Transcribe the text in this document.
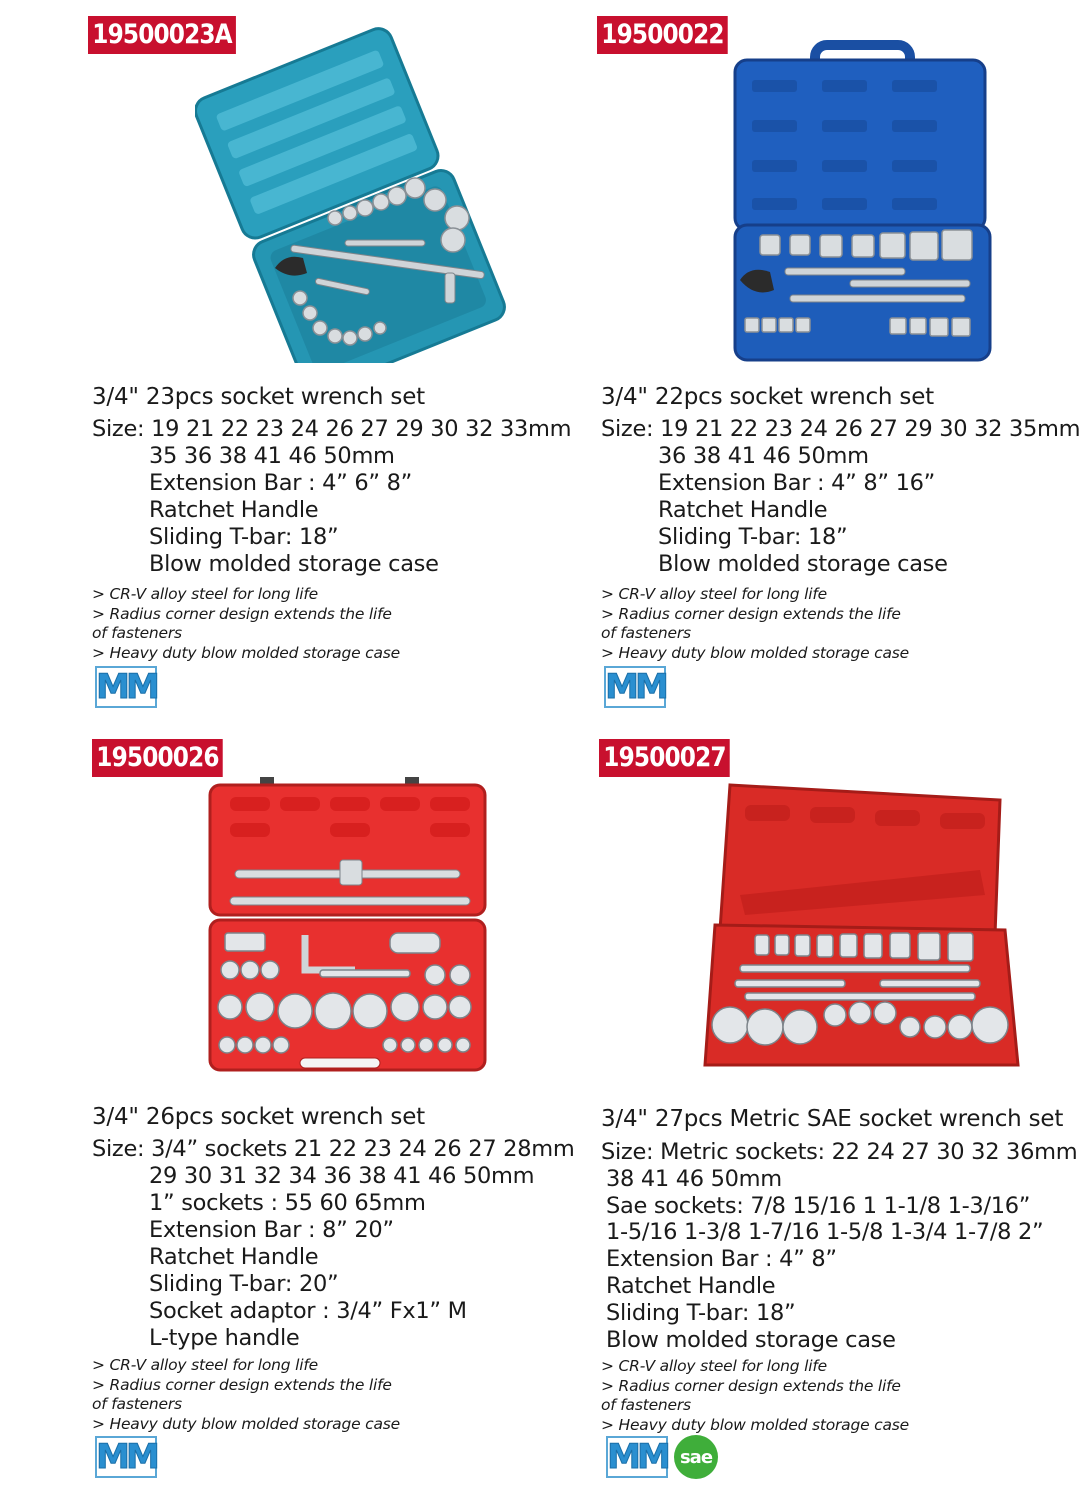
19500023A
3/4" 23pcs socket wrench set
Size: 19 21 22 23 24 26 27 29 30 32 33mm
35 36 38 41 46 50mm
Extension Bar : 4” 6” 8”
Ratchet Handle
Sliding T-bar: 18”
Blow molded storage case
> CR-V alloy steel for long life
> Radius corner design extends the life
of fasteners
> Heavy duty blow molded storage case
MM
19500022
3/4" 22pcs socket wrench set
Size: 19 21 22 23 24 26 27 29 30 32 35mm
36 38 41 46 50mm
Extension Bar : 4” 8” 16”
Ratchet Handle
Sliding T-bar: 18”
Blow molded storage case
> CR-V alloy steel for long life
> Radius corner design extends the life
of fasteners
> Heavy duty blow molded storage case
MM
19500026
3/4" 26pcs socket wrench set
Size: 3/4” sockets 21 22 23 24 26 27 28mm
29 30 31 32 34 36 38 41 46 50mm
1” sockets : 55 60 65mm
Extension Bar : 8” 20”
Ratchet Handle
Sliding T-bar: 20”
Socket adaptor : 3/4” Fx1” M
L-type handle
> CR-V alloy steel for long life
> Radius corner design extends the life
of fasteners
> Heavy duty blow molded storage case
MM
19500027
3/4" 27pcs Metric SAE socket wrench set
Size: Metric sockets: 22 24 27 30 32 36mm
38 41 46 50mm
Sae sockets: 7/8 15/16 1 1-1/8 1-3/16”
1-5/16 1-3/8 1-7/16 1-5/8 1-3/4 1-7/8 2”
Extension Bar : 4” 8”
Ratchet Handle
Sliding T-bar: 18”
Blow molded storage case
> CR-V alloy steel for long life
> Radius corner design extends the life
of fasteners
> Heavy duty blow molded storage case
MM sae
